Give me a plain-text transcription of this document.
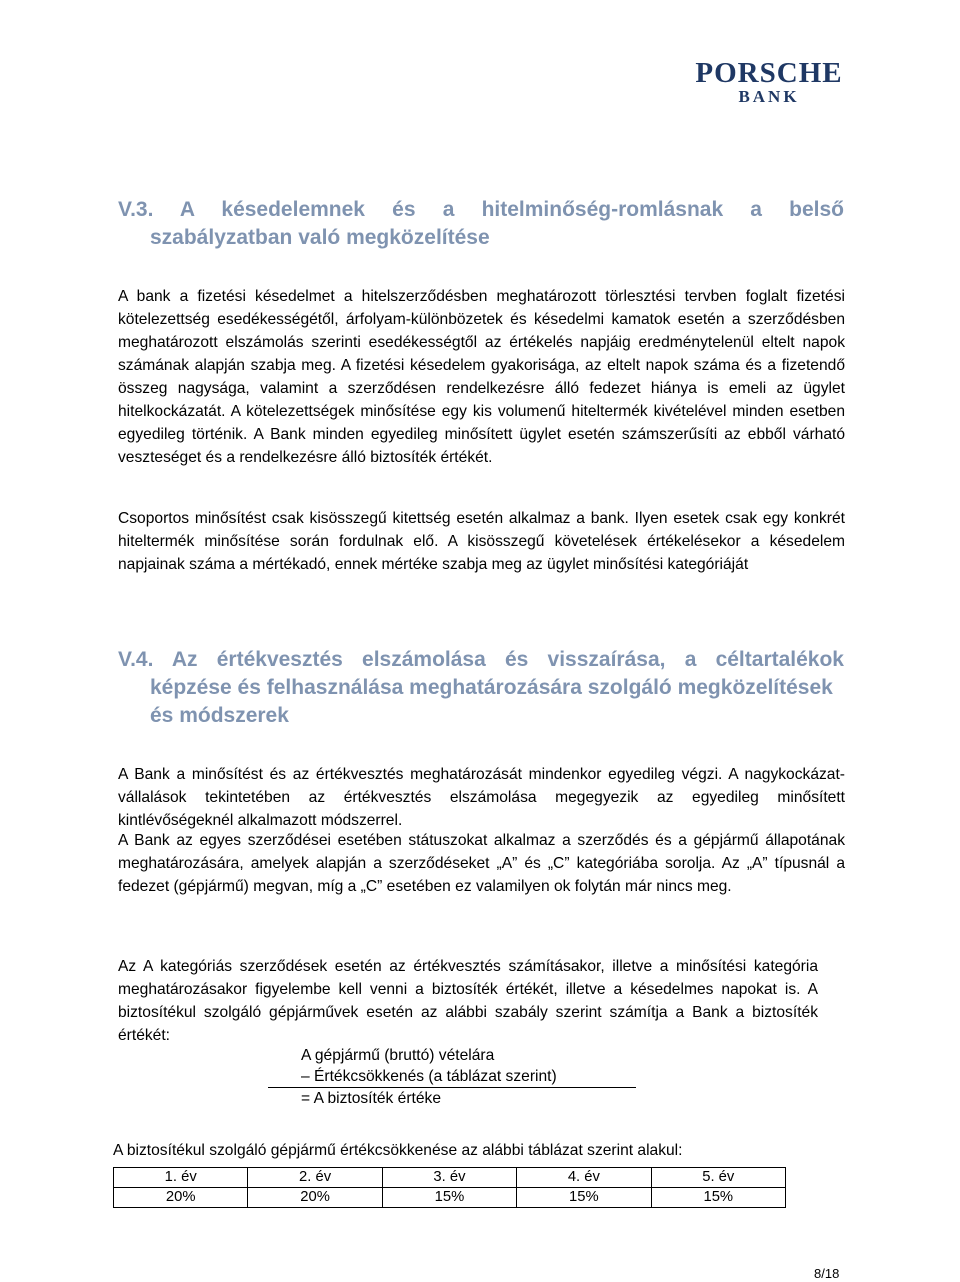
PORSCHE
BANK
V.3. A késedelemnek és a hitelminőség-romlásnak a belső
szabályzatban való megközelítése

A bank a fizetési késedelmet a hitelszerződésben meghatározott törlesztési tervben foglalt fizetési kötelezettség esedékességétől, árfolyam-különbözetek és késedelmi kamatok esetén a szerződésben meghatározott elszámolás szerinti esedékességtől az értékelés napjáig eredménytelenül eltelt napok számának alapján szabja meg. A fizetési késedelem gyakorisága, az eltelt napok száma és a fizetendő összeg nagysága, valamint a szerződésen rendelkezésre álló fedezet hiánya is emeli az ügylet hitelkockázatát. A kötelezettségek minősítése egy kis volumenű hiteltermék kivételével minden esetben egyedileg történik. A Bank minden egyedileg minősített ügylet esetén számszerűsíti az ebből várható veszteséget és a rendelkezésre álló biztosíték értékét.

Csoportos minősítést csak kisösszegű kitettség esetén alkalmaz a bank. Ilyen esetek csak egy konkrét hiteltermék minősítése során fordulnak elő. A kisösszegű követelések értékelésekor a késedelem napjainak száma a mértékadó, ennek mértéke szabja meg az ügylet minősítési kategóriáját

V.4. Az értékvesztés elszámolása és visszaírása, a céltartalékok
képzése és felhasználása meghatározására szolgáló megközelítések
és módszerek

A Bank a minősítést és az értékvesztés meghatározását mindenkor egyedileg végzi. A nagykockázat-vállalások tekintetében az értékvesztés elszámolása megegyezik az egyedileg minősített kintlévőségeknél alkalmazott módszerrel.

A Bank az egyes szerződései esetében státuszokat alkalmaz a szerződés és a gépjármű állapotának meghatározására, amelyek alapján a szerződéseket „A” és „C” kategóriába sorolja. Az „A” típusnál a fedezet (gépjármű) megvan, míg a „C” esetében ez valamilyen ok folytán már nincs meg.

Az A kategóriás szerződések esetén az értékvesztés számításakor, illetve a minősítési kategória meghatározásakor figyelembe kell venni a biztosíték értékét, illetve a késedelmes napokat is. A biztosítékul szolgáló gépjárművek esetén az alábbi szabály szerint számítja a Bank a biztosíték értékét:

A gépjármű (bruttó) vételára
– Értékcsökkenés (a táblázat szerint)
= A biztosíték értéke
A biztosítékul szolgáló gépjármű értékcsökkenése az alábbi táblázat szerint alakul:
1. év	2. év	3. év	4. év	5. év
20%	20%	15%	15%	15%
8/18
